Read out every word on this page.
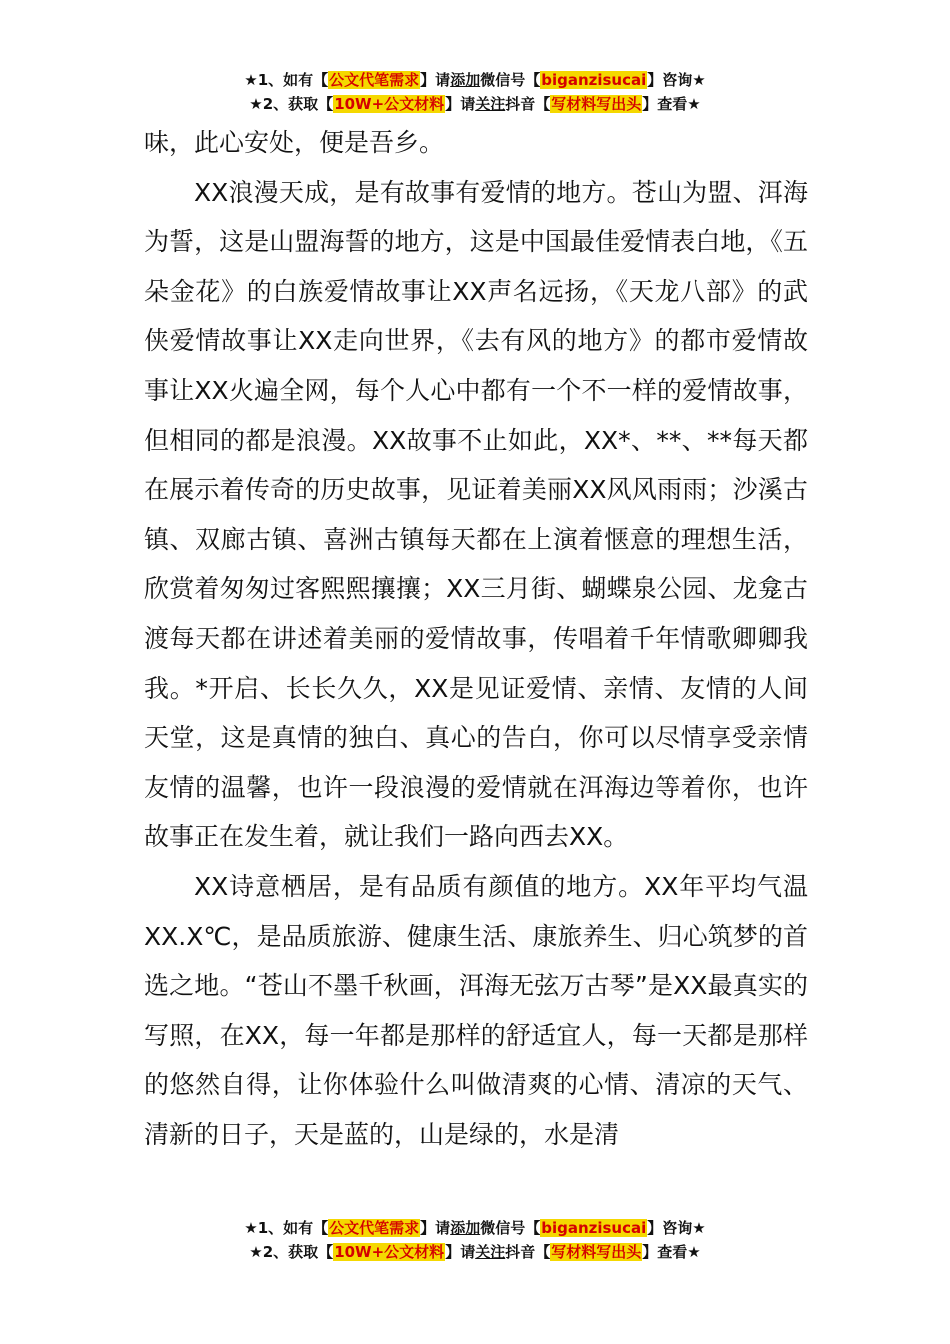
★1、如有【公文代笔需求】请添加微信号【biganzisucai】咨询★
★2、获取【10W+公文材料】请关注抖音【写材料写出头】查看★

味，此心安处，便是吾乡。

XX浪漫天成，是有故事有爱情的地方。苍山为盟、洱海为誓，这是山盟海誓的地方，这是中国最佳爱情表白地，《五朵金花》的白族爱情故事让XX声名远扬，《天龙八部》的武侠爱情故事让XX走向世界，《去有风的地方》的都市爱情故事让XX火遍全网，每个人心中都有一个不一样的爱情故事，但相同的都是浪漫。XX故事不止如此，XX*、**、**每天都在展示着传奇的历史故事，见证着美丽XX风风雨雨；沙溪古镇、双廊古镇、喜洲古镇每天都在上演着惬意的理想生活，欣赏着匆匆过客熙熙攘攘；XX三月街、蝴蝶泉公园、龙龛古渡每天都在讲述着美丽的爱情故事，传唱着千年情歌卿卿我我。*开启、长长久久，XX是见证爱情、亲情、友情的人间天堂，这是真情的独白、真心的告白，你可以尽情享受亲情友情的温馨，也许一段浪漫的爱情就在洱海边等着你，也许故事正在发生着，就让我们一路向西去XX。

XX诗意栖居，是有品质有颜值的地方。XX年平均气温XX.X℃，是品质旅游、健康生活、康旅养生、归心筑梦的首选之地。“苍山不墨千秋画，洱海无弦万古琴”是XX最真实的写照，在XX，每一年都是那样的舒适宜人，每一天都是那样的悠然自得，让你体验什么叫做清爽的心情、清凉的天气、清新的日子，天是蓝的，山是绿的，水是清

★1、如有【公文代笔需求】请添加微信号【biganzisucai】咨询★
★2、获取【10W+公文材料】请关注抖音【写材料写出头】查看★
